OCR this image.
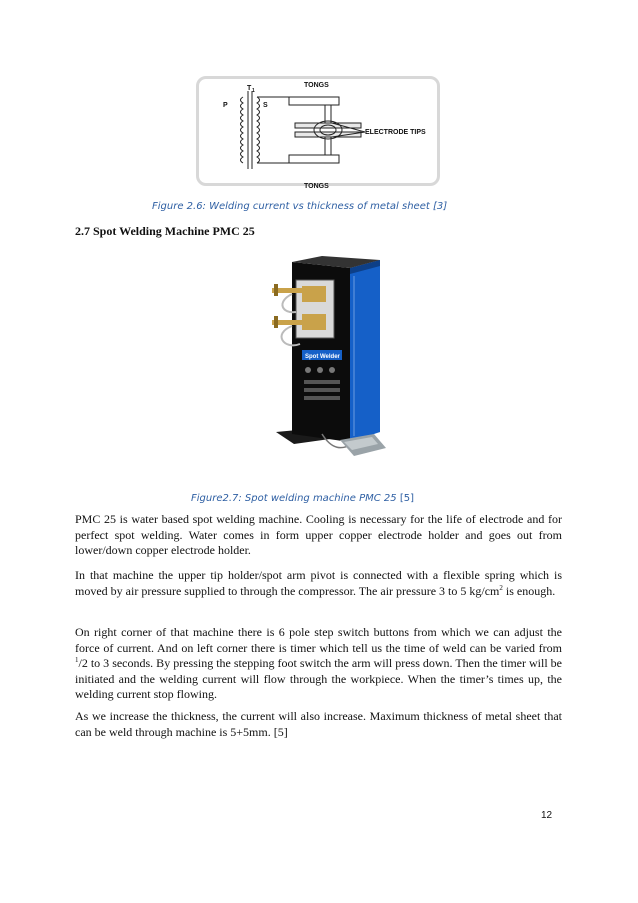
T 1
P	S
TONGS
TONGS
ELECTRODE TIPS
Figure 2.6: Welding current vs thickness of metal sheet [3]
2.7 Spot Welding Machine PMC 25
Spot Welder
Figure2.7: Spot welding machine PMC 25 [5]

PMC 25 is water based spot welding machine. Cooling is necessary for the life of electrode and for perfect spot welding. Water comes in form upper copper electrode holder and goes out from lower/down copper electrode holder.

In that machine the upper tip holder/spot arm pivot is connected with a flexible spring which is moved by air pressure supplied to through the compressor. The air pressure 3 to 5 $kg/cm^2$ is enough.

On right corner of that machine there is 6 pole step switch buttons from which we can adjust the force of current. And on left corner there is timer which tell us the time of weld can be varied from $^1$/2 to 3 seconds. By pressing the stepping foot switch the arm will press down. Then the timer will be initiated and the welding current will flow through the workpiece. When the timer’s times up, the welding current stop flowing.

As we increase the thickness, the current will also increase. Maximum thickness of metal sheet that can be weld through machine is 5+5mm. [5]

12
